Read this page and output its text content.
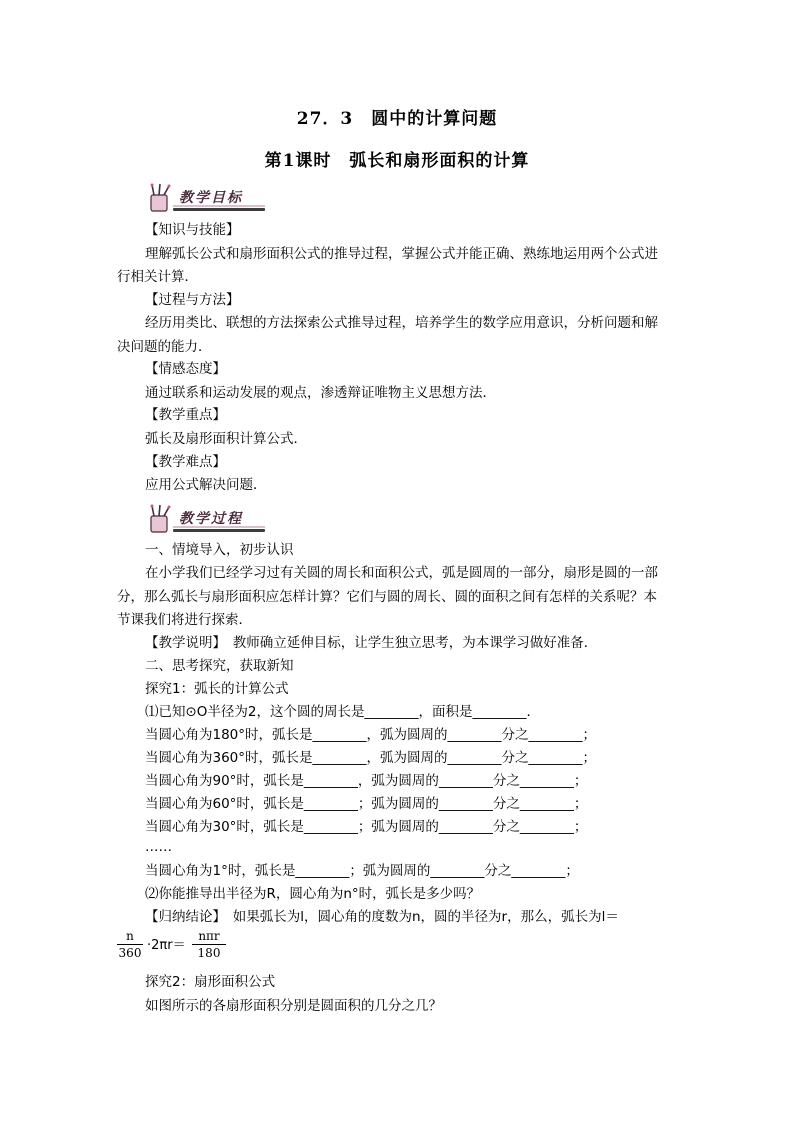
27．3　圆中的计算问题
第1课时　弧长和扇形面积的计算
教学目标
【知识与技能】
理解弧长公式和扇形面积公式的推导过程，掌握公式并能正确、熟练地运用两个公式进
行相关计算．
【过程与方法】
经历用类比、联想的方法探索公式推导过程，培养学生的数学应用意识，分析问题和解
决问题的能力．
【情感态度】
通过联系和运动发展的观点，渗透辩证唯物主义思想方法．
【教学重点】
弧长及扇形面积计算公式．
【教学难点】
应用公式解决问题．
教学过程
一、情境导入，初步认识
在小学我们已经学习过有关圆的周长和面积公式，弧是圆周的一部分，扇形是圆的一部
分，那么弧长与扇形面积应怎样计算？它们与圆的周长、圆的面积之间有怎样的关系呢？本
节课我们将进行探索．
【教学说明】　教师确立延伸目标，让学生独立思考，为本课学习做好准备．
二、思考探究，获取新知
探究1：弧长的计算公式
⑴已知⊙O半径为2，这个圆的周长是________，面积是________．
当圆心角为180°时，弧长是________，弧为圆周的________分之________；
当圆心角为360°时，弧长是________，弧为圆周的________分之________；
当圆心角为90°时，弧长是________，弧为圆周的________分之________；
当圆心角为60°时，弧长是________；弧为圆周的________分之________；
当圆心角为30°时，弧长是________；弧为圆周的________分之________；
……
当圆心角为1°时，弧长是________；弧为圆周的________分之________；
⑵你能推导出半径为R，圆心角为n°时，弧长是多少吗？
【归纳结论】　如果弧长为l，圆心角的度数为n，圆的半径为r，那么，弧长为l＝
n
360 ·2πr＝
nπr
180
探究2：扇形面积公式
如图所示的各扇形面积分别是圆面积的几分之几？
